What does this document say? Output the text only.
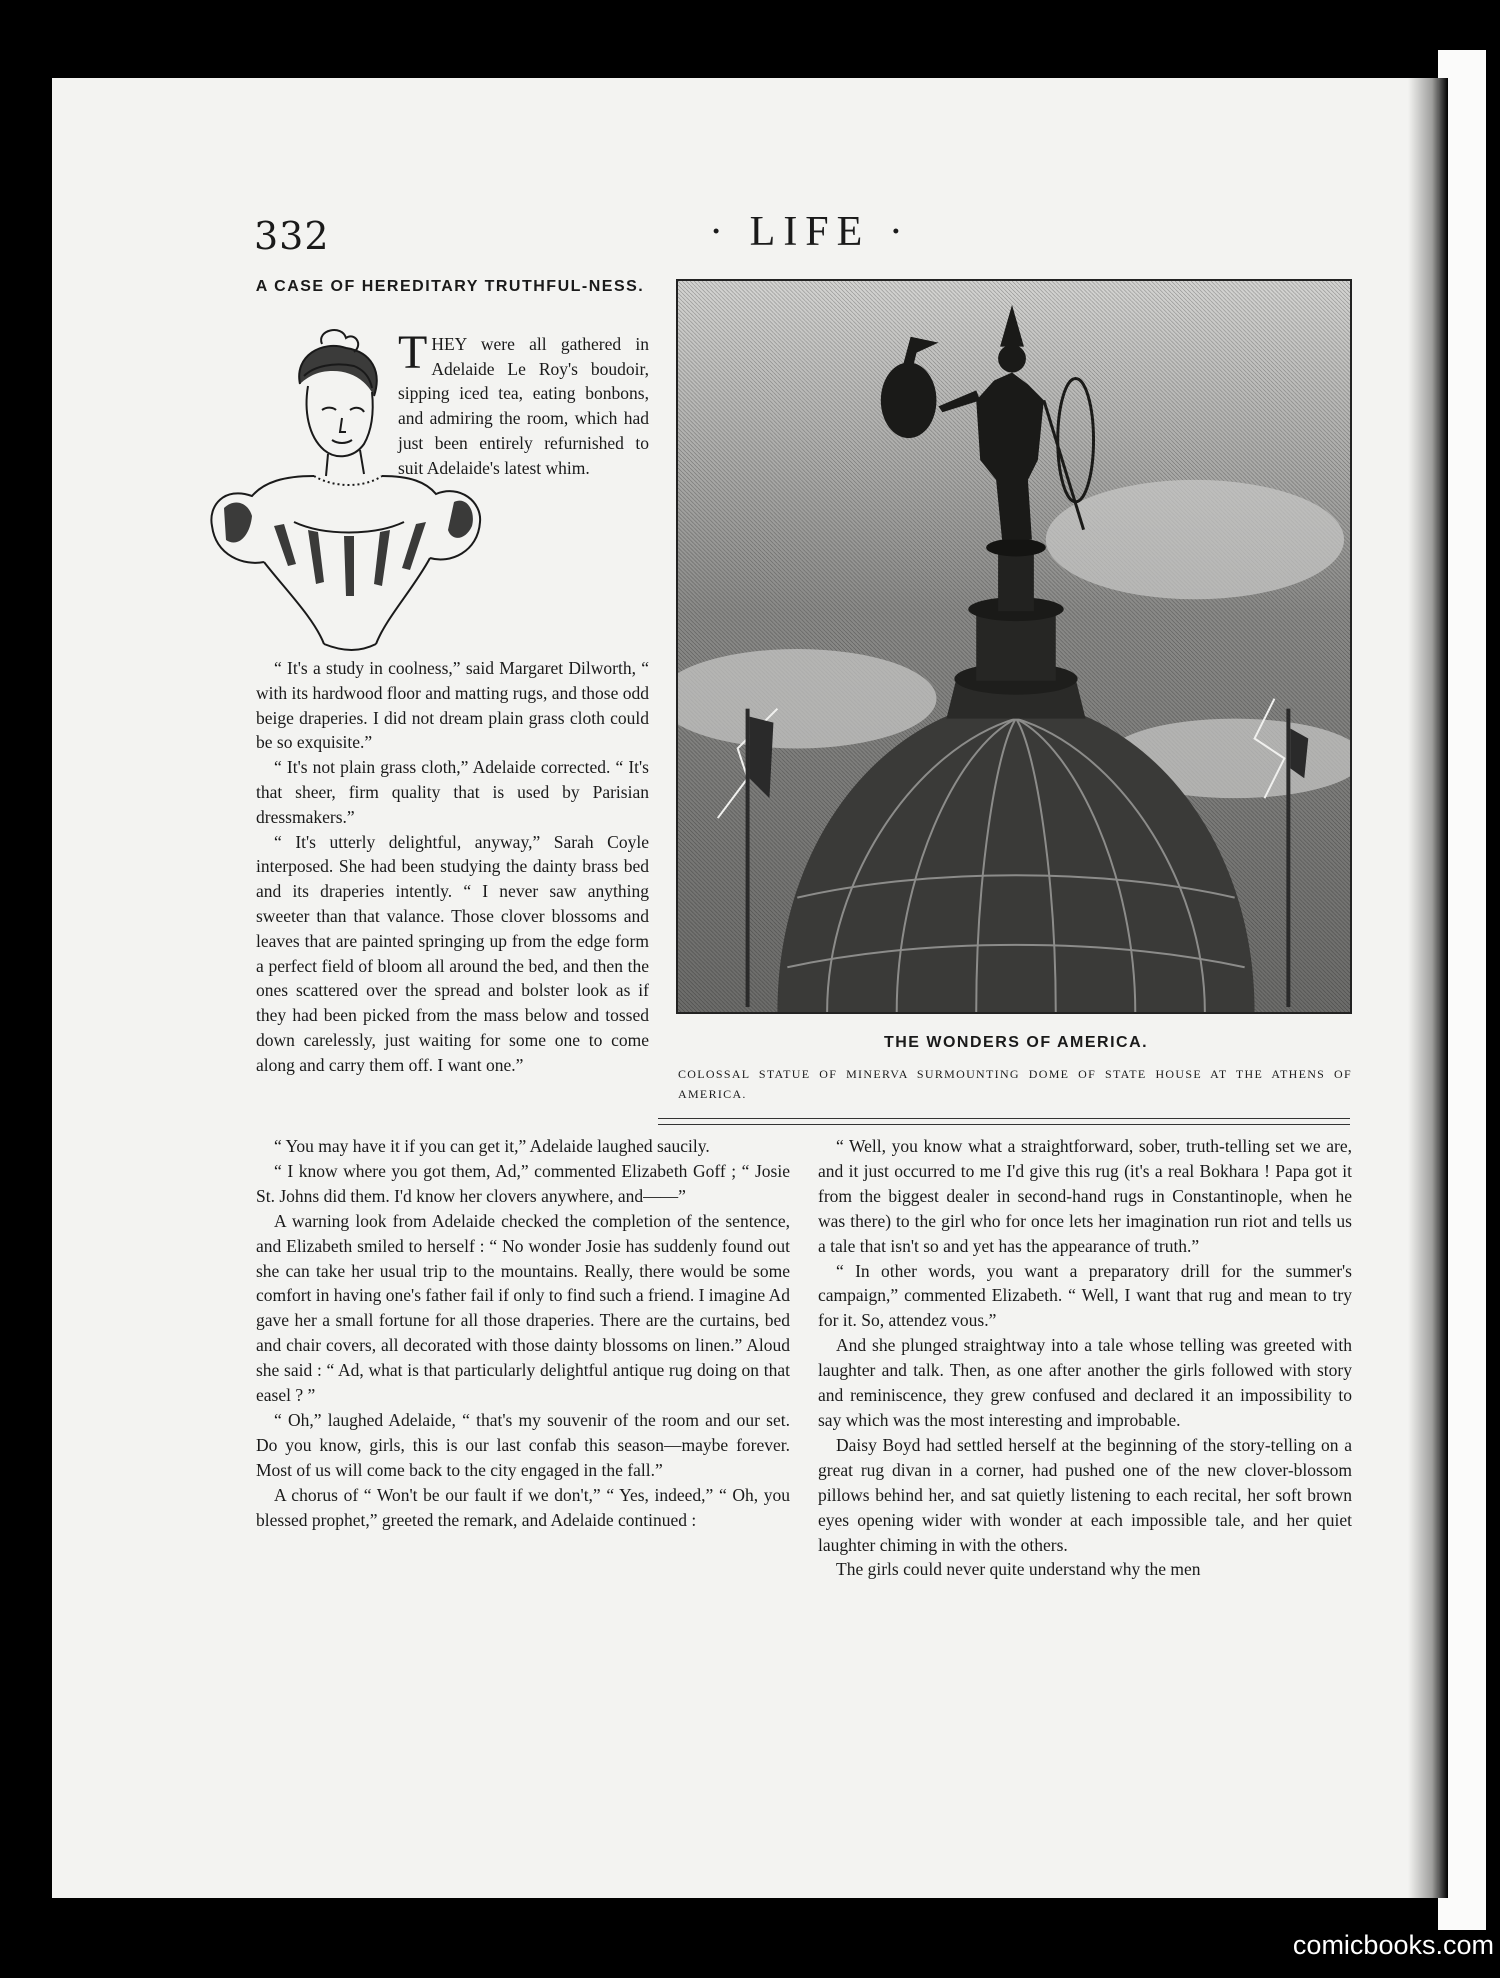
332	· LIFE ·
A CASE OF HEREDITARY TRUTHFUL-NESS.
T HEY were all gathered in Adelaide Le Roy's boudoir, sipping iced tea, eating bonbons, and admiring the room, which had just been entirely refurnished to suit Adelaide's latest whim.

“ It's a study in coolness,” said Margaret Dilworth, “ with its hardwood floor and matting rugs, and those odd beige draperies. I did not dream plain grass cloth could be so exquisite.”

“ It's not plain grass cloth,” Adelaide corrected. “ It's that sheer, firm quality that is used by Parisian dressmakers.”

“ It's utterly delightful, anyway,” Sarah Coyle interposed. She had been studying the dainty brass bed and its draperies intently. “ I never saw anything sweeter than that valance. Those clover blossoms and leaves that are painted springing up from the edge form a perfect field of bloom all around the bed, and then the ones scattered over the spread and bolster look as if they had been picked from the mass below and tossed down carelessly, just waiting for some one to come along and carry them off. I want one.”

THE WONDERS OF AMERICA.
COLOSSAL STATUE OF MINERVA SURMOUNTING DOME OF STATE HOUSE AT THE ATHENS OF AMERICA.

“ You may have it if you can get it,” Adelaide laughed saucily.

“ I know where you got them, Ad,” commented Elizabeth Goff ; “ Josie St. Johns did them. I'd know her clovers anywhere, and——”

A warning look from Adelaide checked the completion of the sentence, and Elizabeth smiled to herself : “ No wonder Josie has suddenly found out she can take her usual trip to the mountains. Really, there would be some comfort in having one's father fail if only to find such a friend. I imagine Ad gave her a small fortune for all those draperies. There are the curtains, bed and chair covers, all decorated with those dainty blossoms on linen.” Aloud she said : “ Ad, what is that particularly delightful antique rug doing on that easel ? ”

“ Oh,” laughed Adelaide, “ that's my souvenir of the room and our set. Do you know, girls, this is our last confab this season—maybe forever. Most of us will come back to the city engaged in the fall.”

A chorus of “ Won't be our fault if we don't,” “ Yes, indeed,” “ Oh, you blessed prophet,” greeted the remark, and Adelaide continued :

“ Well, you know what a straightforward, sober, truth-telling set we are, and it just occurred to me I'd give this rug (it's a real Bokhara ! Papa got it from the biggest dealer in second-hand rugs in Constantinople, when he was there) to the girl who for once lets her imagination run riot and tells us a tale that isn't so and yet has the appearance of truth.”

“ In other words, you want a preparatory drill for the summer's campaign,” commented Elizabeth. “ Well, I want that rug and mean to try for it. So, attendez vous.”

And she plunged straightway into a tale whose telling was greeted with laughter and talk. Then, as one after another the girls followed with story and reminiscence, they grew confused and declared it an impossibility to say which was the most interesting and improbable.

Daisy Boyd had settled herself at the beginning of the story-telling on a great rug divan in a corner, had pushed one of the new clover-blossom pillows behind her, and sat quietly listening to each recital, her soft brown eyes opening wider with wonder at each impossible tale, and her quiet laughter chiming in with the others.

The girls could never quite understand why the men

comicbooks.com
